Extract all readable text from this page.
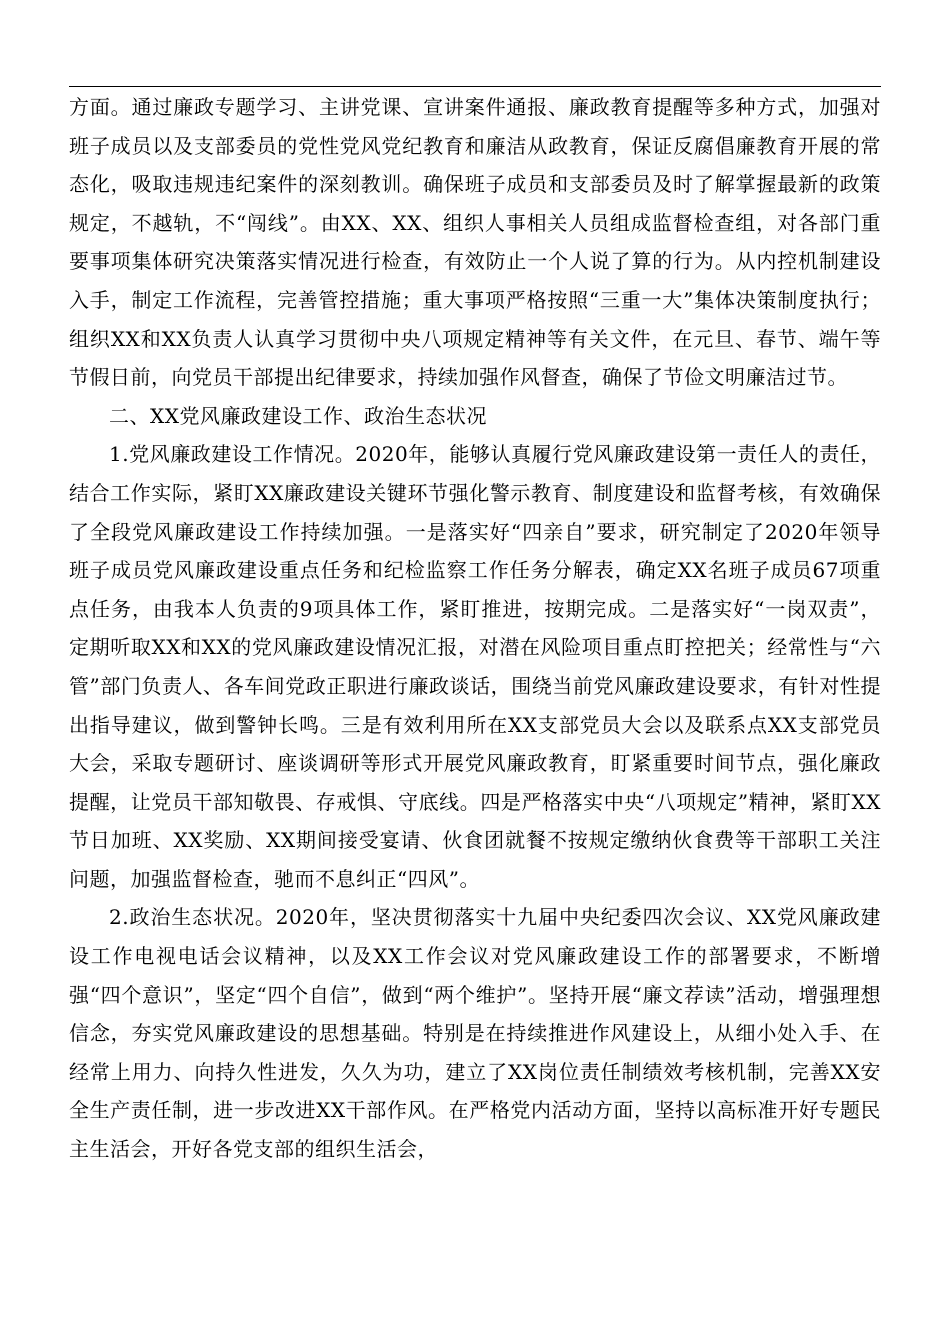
方面。通过廉政专题学习、主讲党课、宣讲案件通报、廉政教育提醒等多种方式，加强对班子成员以及支部委员的党性党风党纪教育和廉洁从政教育，保证反腐倡廉教育开展的常态化，吸取违规违纪案件的深刻教训。确保班子成员和支部委员及时了解掌握最新的政策规定，不越轨，不“闯线”。由XX、XX、组织人事相关人员组成监督检查组，对各部门重要事项集体研究决策落实情况进行检查，有效防止一个人说了算的行为。从内控机制建设入手，制定工作流程，完善管控措施；重大事项严格按照“三重一大”集体决策制度执行；组织XX和XX负责人认真学习贯彻中央八项规定精神等有关文件，在元旦、春节、端午等节假日前，向党员干部提出纪律要求，持续加强作风督查，确保了节俭文明廉洁过节。

二、XX党风廉政建设工作、政治生态状况

1.党风廉政建设工作情况。2020年，能够认真履行党风廉政建设第一责任人的责任，结合工作实际，紧盯XX廉政建设关键环节强化警示教育、制度建设和监督考核，有效确保了全段党风廉政建设工作持续加强。一是落实好“四亲自”要求，研究制定了2020年领导班子成员党风廉政建设重点任务和纪检监察工作任务分解表，确定XX名班子成员67项重点任务，由我本人负责的9项具体工作，紧盯推进，按期完成。二是落实好“一岗双责”，定期听取XX和XX的党风廉政建设情况汇报，对潜在风险项目重点盯控把关；经常性与“六管”部门负责人、各车间党政正职进行廉政谈话，围绕当前党风廉政建设要求，有针对性提出指导建议，做到警钟长鸣。三是有效利用所在XX支部党员大会以及联系点XX支部党员大会，采取专题研讨、座谈调研等形式开展党风廉政教育，盯紧重要时间节点，强化廉政提醒，让党员干部知敬畏、存戒惧、守底线。四是严格落实中央“八项规定”精神，紧盯XX节日加班、XX奖励、XX期间接受宴请、伙食团就餐不按规定缴纳伙食费等干部职工关注问题，加强监督检查，驰而不息纠正“四风”。

2.政治生态状况。2020年，坚决贯彻落实十九届中央纪委四次会议、XX党风廉政建设工作电视电话会议精神，以及XX工作会议对党风廉政建设工作的部署要求，不断增强“四个意识”，坚定“四个自信”，做到“两个维护”。坚持开展“廉文荐读”活动，增强理想信念，夯实党风廉政建设的思想基础。特别是在持续推进作风建设上，从细小处入手、在经常上用力、向持久性进发，久久为功，建立了XX岗位责任制绩效考核机制，完善XX安全生产责任制，进一步改进XX干部作风。在严格党内活动方面，坚持以高标准开好专题民主生活会，开好各党支部的组织生活会，
